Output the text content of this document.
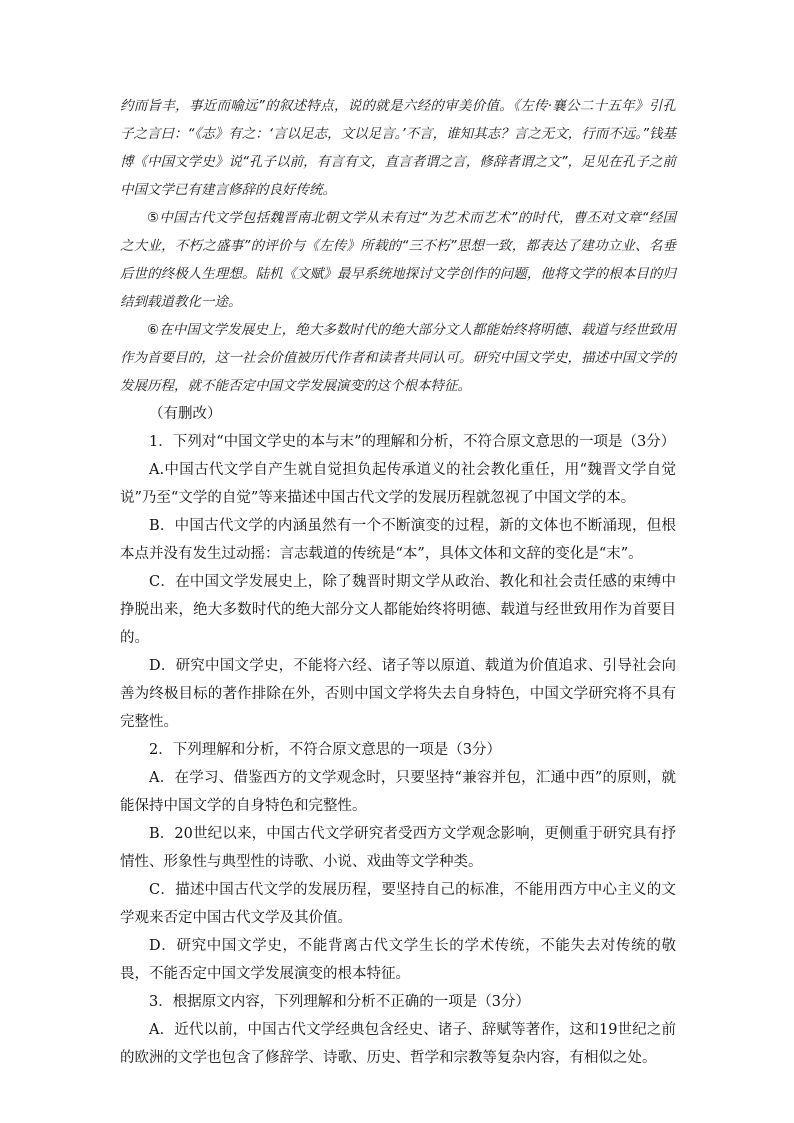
约而旨丰，事近而喻远”的叙述特点，说的就是六经的审美价值。《左传·襄公二十五年》引孔子之言曰：“《志》有之：‘言以足志，文以足言。’不言，谁知其志？言之无文，行而不远。”钱基博《中国文学史》说“孔子以前，有言有文，直言者谓之言，修辞者谓之文”，足见在孔子之前中国文学已有建言修辞的良好传统。

⑤中国古代文学包括魏晋南北朝文学从未有过“为艺术而艺术”的时代，曹丕对文章“经国之大业，不朽之盛事”的评价与《左传》所载的“三不朽”思想一致，都表达了建功立业、名垂后世的终极人生理想。陆机《文赋》最早系统地探讨文学创作的问题，他将文学的根本目的归结到载道教化一途。

⑥在中国文学发展史上，绝大多数时代的绝大部分文人都能始终将明德、载道与经世致用作为首要目的，这一社会价值被历代作者和读者共同认可。研究中国文学史，描述中国文学的发展历程，就不能否定中国文学发展演变的这个根本特征。

（有删改）

1．下列对“中国文学史的本与末”的理解和分析，不符合原文意思的一项是（3分）

A.中国古代文学自产生就自觉担负起传承道义的社会教化重任，用“魏晋文学自觉说”乃至“文学的自觉”等来描述中国古代文学的发展历程就忽视了中国文学的本。

B．中国古代文学的内涵虽然有一个不断演变的过程，新的文体也不断涌现，但根本点并没有发生过动摇：言志载道的传统是“本”，具体文体和文辞的变化是“末”。

C．在中国文学发展史上，除了魏晋时期文学从政治、教化和社会责任感的束缚中挣脱出来，绝大多数时代的绝大部分文人都能始终将明德、载道与经世致用作为首要目的。

D．研究中国文学史，不能将六经、诸子等以原道、载道为价值追求、引导社会向善为终极目标的著作排除在外，否则中国文学将失去自身特色，中国文学研究将不具有完整性。

2．下列理解和分析，不符合原文意思的一项是（3分）

A．在学习、借鉴西方的文学观念时，只要坚持“兼容并包，汇通中西”的原则，就能保持中国文学的自身特色和完整性。

B．20世纪以来，中国古代文学研究者受西方文学观念影响，更侧重于研究具有抒情性、形象性与典型性的诗歌、小说、戏曲等文学种类。

C．描述中国古代文学的发展历程，要坚持自己的标准，不能用西方中心主义的文学观来否定中国古代文学及其价值。

D．研究中国文学史，不能背离古代文学生长的学术传统，不能失去对传统的敬畏，不能否定中国文学发展演变的根本特征。

3．根据原文内容，下列理解和分析不正确的一项是（3分）

A．近代以前，中国古代文学经典包含经史、诸子、辞赋等著作，这和19世纪之前的欧洲的文学也包含了修辞学、诗歌、历史、哲学和宗教等复杂内容，有相似之处。
